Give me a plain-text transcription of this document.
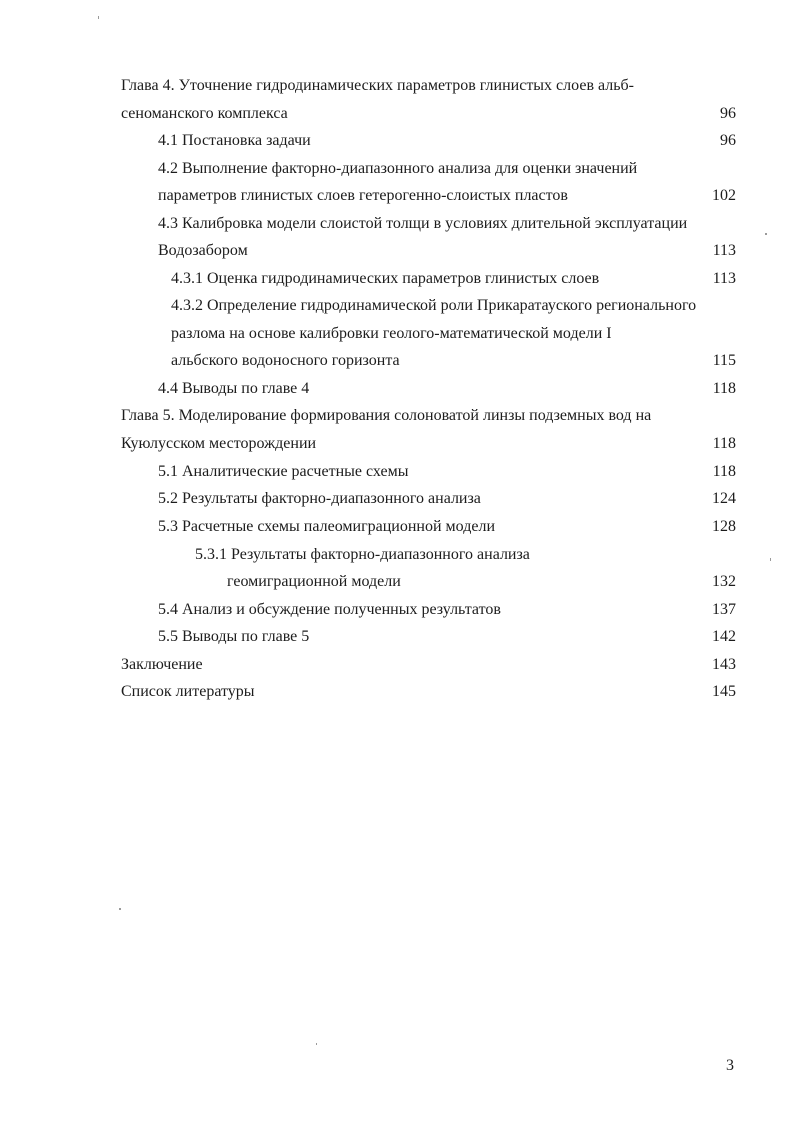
Глава 4. Уточнение гидродинамических параметров глинистых слоев альб-
сеноманского комплекса	96
4.1 Постановка задачи	96
4.2 Выполнение факторно-диапазонного анализа для оценки значений
параметров глинистых слоев гетерогенно-слоистых пластов	102
4.3 Калибровка модели слоистой толщи в условиях длительной эксплуатации
Водозабором	113
4.3.1 Оценка гидродинамических параметров глинистых слоев	113
4.3.2 Определение гидродинамической роли Прикаратауского регионального
разлома на основе калибровки геолого-математической модели I
альбского водоносного горизонта	115
4.4 Выводы по главе 4	118
Глава 5. Моделирование формирования солоноватой линзы подземных вод на
Куюлусском месторождении	118
5.1 Аналитические расчетные схемы	118
5.2 Результаты факторно-диапазонного анализа	124
5.3 Расчетные схемы палеомиграционной модели	128
5.3.1 Результаты факторно-диапазонного анализа
геомиграционной модели	132
5.4 Анализ и обсуждение полученных результатов	137
5.5 Выводы по главе 5	142
Заключение	143
Список литературы	145
3
